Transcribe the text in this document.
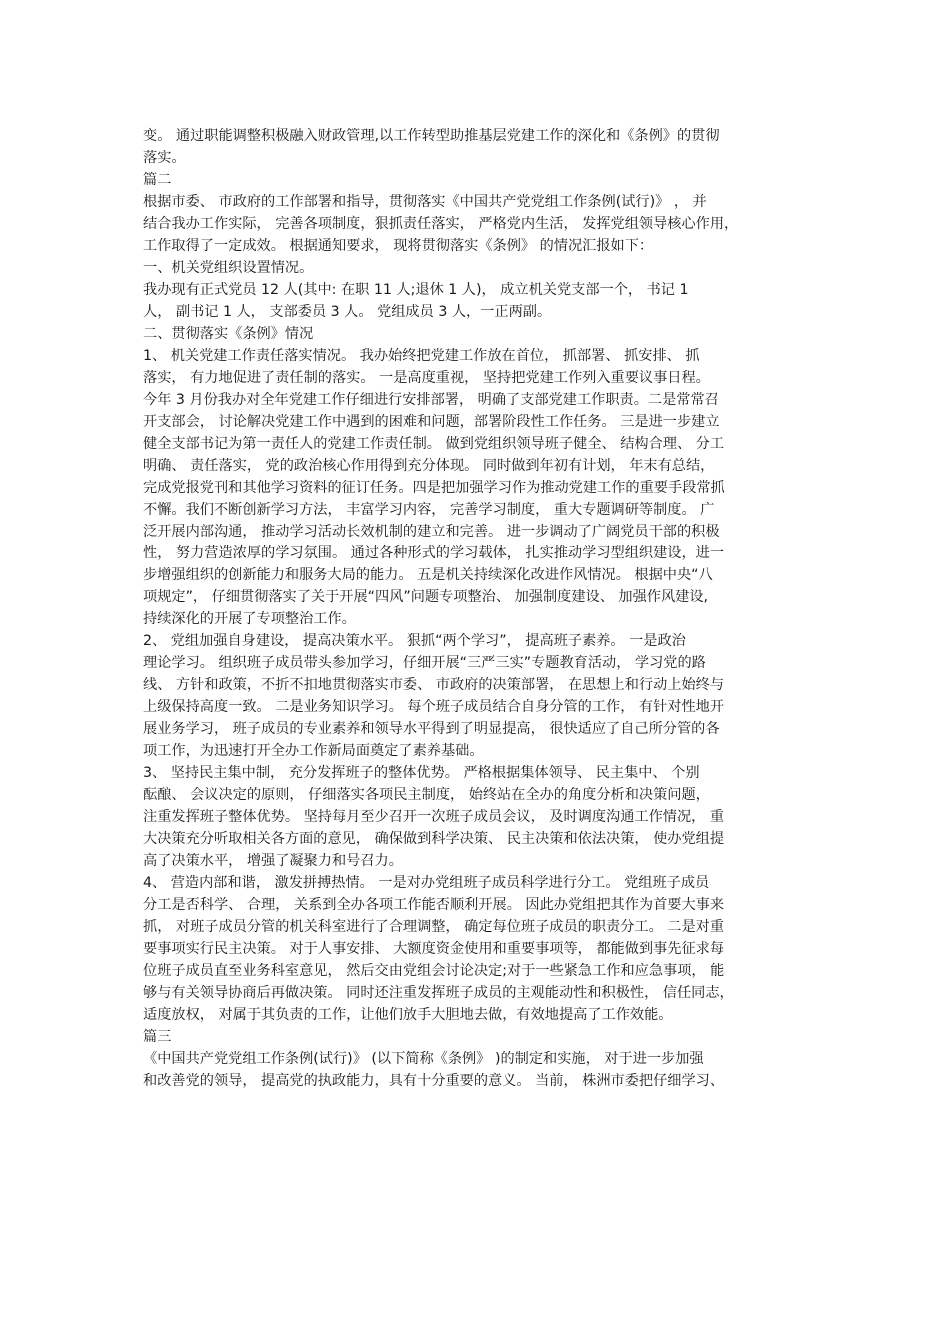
变。 通过职能调整积极融入财政管理,以工作转型助推基层党建工作的深化和《条例》的贯彻
落实。
篇二
根据市委、 市政府的工作部署和指导，贯彻落实《中国共产党党组工作条例(试行)》 ， 并
结合我办工作实际， 完善各项制度，狠抓责任落实， 严格党内生活， 发挥党组领导核心作用，
工作取得了一定成效。 根据通知要求， 现将贯彻落实《条例》 的情况汇报如下：
一、机关党组织设置情况。
我办现有正式党员 12 人(其中: 在职 11 人;退休 1 人)， 成立机关党支部一个， 书记 1
人， 副书记 1 人， 支部委员 3 人。 党组成员 3 人，一正两副。
二、贯彻落实《条例》情况
1、 机关党建工作责任落实情况。 我办始终把党建工作放在首位， 抓部署、 抓安排、 抓
落实， 有力地促进了责任制的落实。 一是高度重视， 坚持把党建工作列入重要议事日程。
今年 3 月份我办对全年党建工作仔细进行安排部署， 明确了支部党建工作职责。二是常常召
开支部会， 讨论解决党建工作中遇到的困难和问题，部署阶段性工作任务。 三是进一步建立
健全支部书记为第一责任人的党建工作责任制。 做到党组织领导班子健全、 结构合理、 分工
明确、 责任落实， 党的政治核心作用得到充分体现。 同时做到年初有计划， 年末有总结，
完成党报党刊和其他学习资料的征订任务。四是把加强学习作为推动党建工作的重要手段常抓
不懈。我们不断创新学习方法， 丰富学习内容， 完善学习制度， 重大专题调研等制度。 广
泛开展内部沟通， 推动学习活动长效机制的建立和完善。 进一步调动了广阔党员干部的积极
性， 努力营造浓厚的学习氛围。 通过各种形式的学习载体， 扎实推动学习型组织建设，进一
步增强组织的创新能力和服务大局的能力。 五是机关持续深化改进作风情况。 根据中央“八
项规定”， 仔细贯彻落实了关于开展“四风”问题专项整治、 加强制度建设、 加强作风建设,
持续深化的开展了专项整治工作。
2、 党组加强自身建设， 提高决策水平。 狠抓“两个学习”， 提高班子素养。 一是政治
理论学习。 组织班子成员带头参加学习，仔细开展“三严三实”专题教育活动， 学习党的路
线、 方针和政策，不折不扣地贯彻落实市委、 市政府的决策部署， 在思想上和行动上始终与
上级保持高度一致。 二是业务知识学习。 每个班子成员结合自身分管的工作， 有针对性地开
展业务学习， 班子成员的专业素养和领导水平得到了明显提高， 很快适应了自己所分管的各
项工作，为迅速打开全办工作新局面奠定了素养基础。
3、 坚持民主集中制， 充分发挥班子的整体优势。 严格根据集体领导、 民主集中、 个别
酝酿、 会议决定的原则， 仔细落实各项民主制度， 始终站在全办的角度分析和决策问题，
注重发挥班子整体优势。 坚持每月至少召开一次班子成员会议， 及时调度沟通工作情况， 重
大决策充分听取相关各方面的意见， 确保做到科学决策、 民主决策和依法决策， 使办党组提
高了决策水平， 增强了凝聚力和号召力。
4、 营造内部和谐， 激发拼搏热情。 一是对办党组班子成员科学进行分工。 党组班子成员
分工是否科学、 合理， 关系到全办各项工作能否顺利开展。 因此办党组把其作为首要大事来
抓， 对班子成员分管的机关科室进行了合理调整， 确定每位班子成员的职责分工。 二是对重
要事项实行民主决策。 对于人事安排、 大额度资金使用和重要事项等， 都能做到事先征求每
位班子成员直至业务科室意见， 然后交由党组会讨论决定;对于一些紧急工作和应急事项， 能
够与有关领导协商后再做决策。 同时还注重发挥班子成员的主观能动性和积极性， 信任同志，
适度放权， 对属于其负责的工作，让他们放手大胆地去做，有效地提高了工作效能。
篇三
《中国共产党党组工作条例(试行)》 (以下简称《条例》 )的制定和实施， 对于进一步加强
和改善党的领导， 提高党的执政能力，具有十分重要的意义。 当前， 株洲市委把仔细学习、
